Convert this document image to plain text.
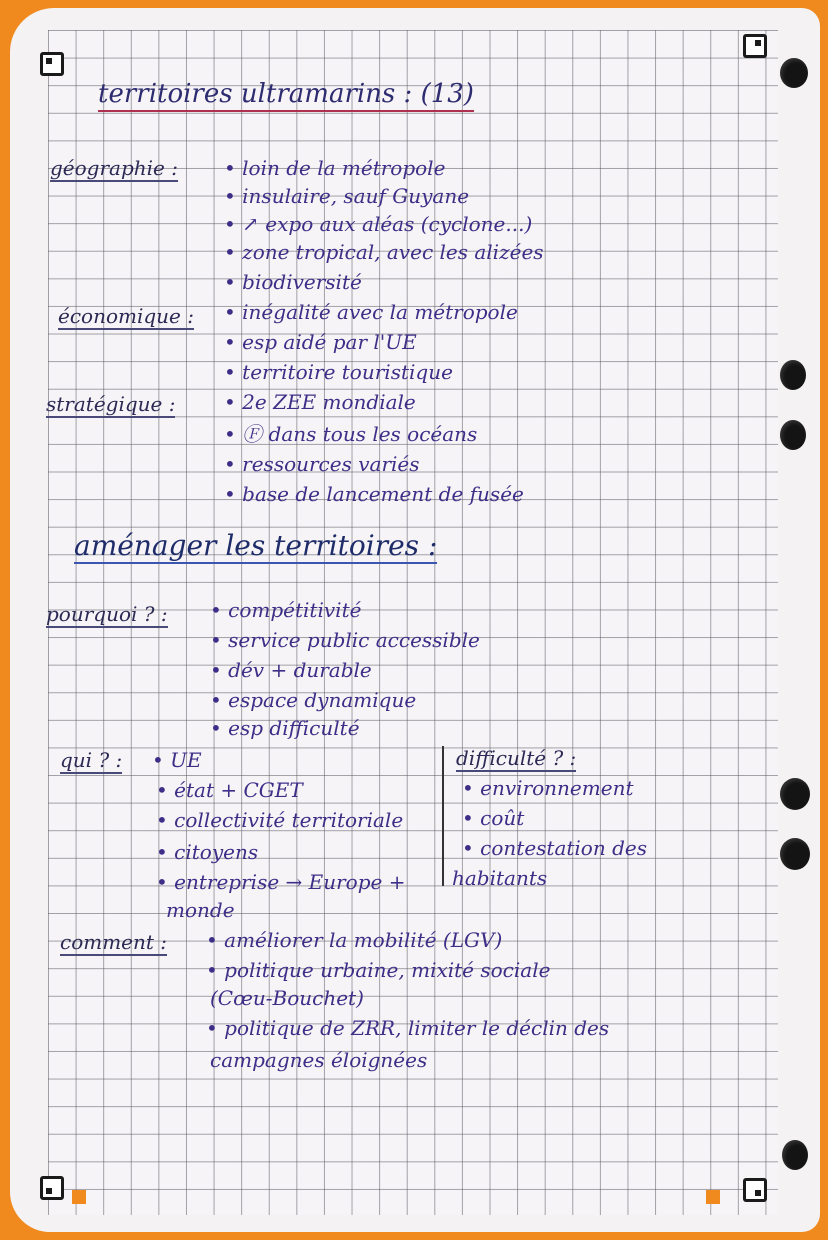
territoires ultramarins : (13)
géographie : • loin de la métropole
• insulaire, sauf Guyane
• ↗ expo aux aléas (cyclone...)
• zone tropical, avec les alizées
• biodiversité
économique : • inégalité avec la métropole
• esp aidé par l'UE
• territoire touristique
stratégique : • 2e ZEE mondiale
• Ⓕ dans tous les océans
• ressources variés
• base de lancement de fusée
aménager les territoires :
pourquoi ? : • compétitivité
• service public accessible
• dév + durable
• espace dynamique
• esp difficulté
qui ? : • UE
• état + CGET
• collectivité territoriale
• citoyens
• entreprise → Europe +
monde
difficulté ? :
• environnement
• coût
• contestation des
habitants
comment : • améliorer la mobilité (LGV)
• politique urbaine, mixité sociale
(Cœu-Bouchet)
• politique de ZRR, limiter le déclin des
campagnes éloignées
